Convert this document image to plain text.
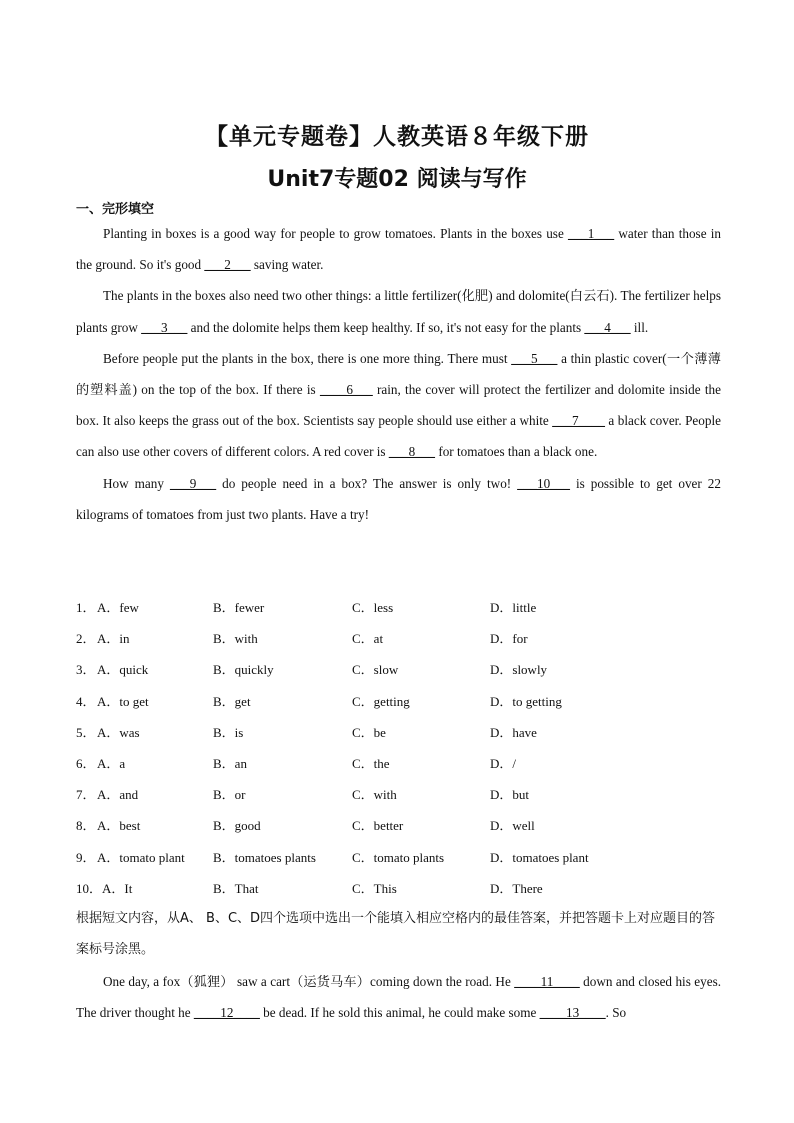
【单元专题卷】人教英语８年级下册
Unit7专题02 阅读与写作
一、完形填空

Planting in boxes is a good way for people to grow tomatoes. Plants in the boxes use ___1___ water than those in the ground. So it's good ___2___ saving water.

The plants in the boxes also need two other things: a little fertilizer(化肥) and dolomite(白云石). The fertilizer helps plants grow ___3___ and the dolomite helps them keep healthy. If so, it's not easy for the plants ___4___ ill.

Before people put the plants in the box, there is one more thing. There must ___5___ a thin plastic cover(一个薄薄的塑料盖) on the top of the box. If there is ____6___ rain, the cover will protect the fertilizer and dolomite inside the box. It also keeps the grass out of the box. Scientists say people should use either a white ___7____ a black cover. People can also use other covers of different colors. A red cover is ___8___ for tomatoes than a black one.

How many ___9___ do people need in a box? The answer is only two! ___10___ is possible to get over 22 kilograms of tomatoes from just two plants. Have a try!

1． A．few	B．fewer	C．less	D．little
2． A．in	B．with	C．at	D．for
3． A．quick	B．quickly	C．slow	D．slowly
4． A．to get	B．get	C．getting	D．to getting
5． A．was	B．is	C．be	D．have
6． A．a	B．an	C．the	D．/
7． A．and	B．or	C．with	D．but
8． A．best	B．good	C．better	D．well
9． A．tomato plant B．tomatoes plants	C．tomato plants	D．tomatoes plant
10． A．It	B．That	C．This	D．There
根据短文内容，从A、 B、C、D四个选项中选出一个能填入相应空格内的最佳答案，并把答题卡上对应题目的答案标号涂黑。

One day, a fox（狐狸） saw a cart（运货马车）coming down the road. He ____11____ down and closed his eyes. The driver thought he ____12____ be dead. If he sold this animal, he could make some ____13____. So
